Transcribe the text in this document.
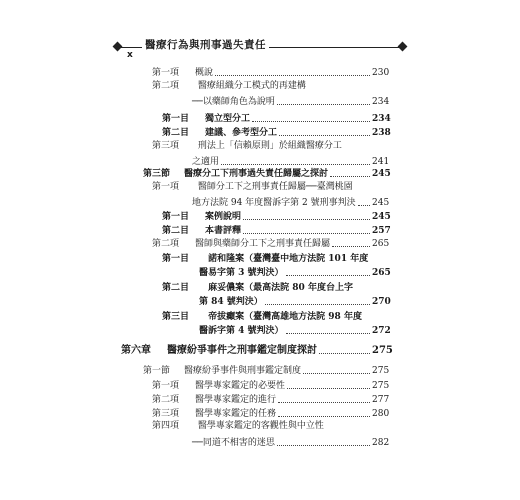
x
醫療行為與刑事過失責任
第一項 概說	230
第二項 醫療組織分工模式的再建構
──以藥師角色為說明	234
第一目 獨立型分工	234
第二目 建議、參考型分工	238
第三項 刑法上「信賴原則」於組織醫療分工
之適用	241
第三節 醫療分工下刑事過失責任歸屬之探討	245
第一項 醫師分工下之刑事責任歸屬──臺灣桃園
地方法院 94 年度醫訴字第 2 號刑事判決 245
第一目 案例說明	245
第二目 本書評釋	257
第二項 醫師與藥師分工下之刑事責任歸屬	265
第一目 諾和隆案（臺灣臺中地方法院 101 年度
醫易字第 3 號判決）	265
第二目 麻妥儂案（最高法院 80 年度台上字
第 84 號判決）	270
第三目 帝拔癲案（臺灣高雄地方法院 98 年度
醫訴字第 4 號判決）	272
第六章 醫療紛爭事件之刑事鑑定制度探討	275
第一節 醫療紛爭事件與刑事鑑定制度	275
第一項 醫學專家鑑定的必要性	275
第二項 醫學專家鑑定的進行	277
第三項 醫學專家鑑定的任務	280
第四項 醫學專家鑑定的客觀性與中立性
──同道不相害的迷思	282
